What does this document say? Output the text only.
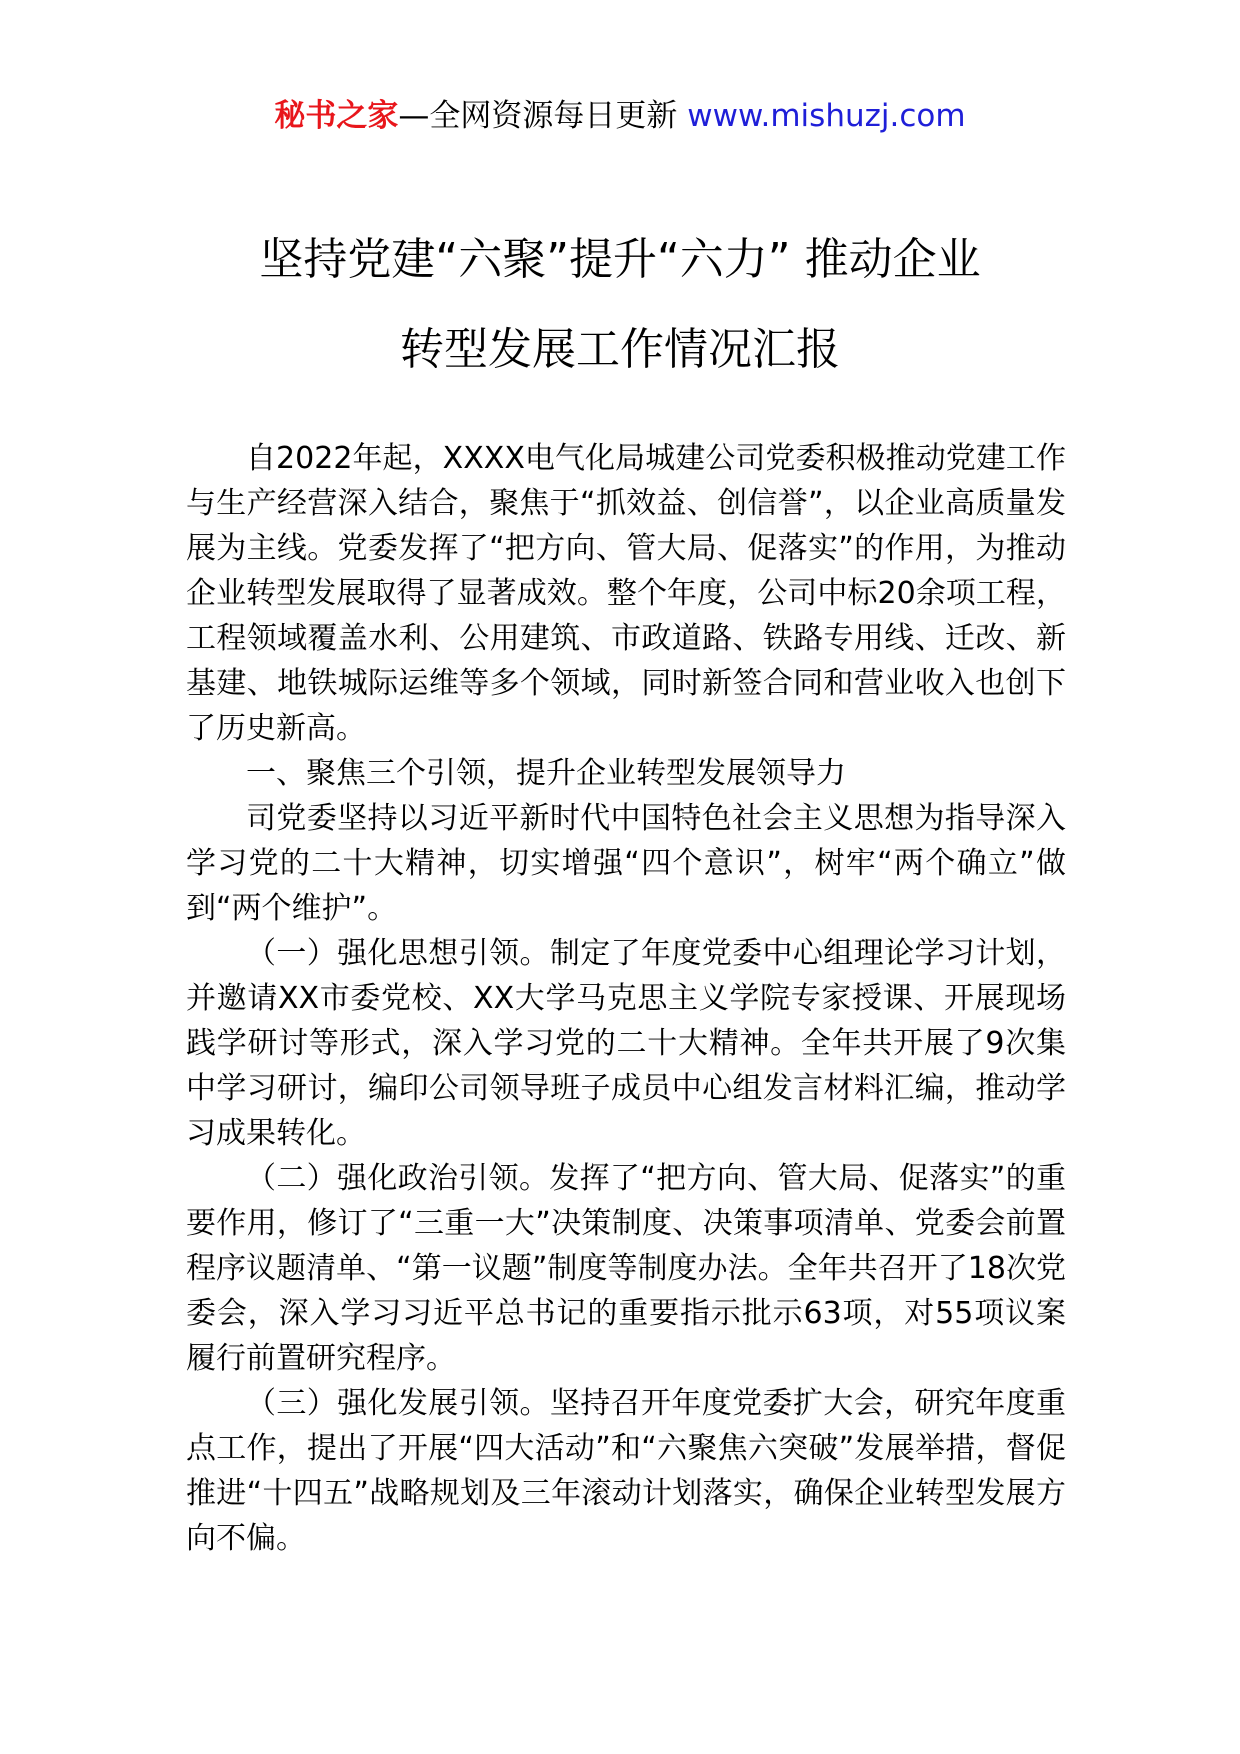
秘书之家—全网资源每日更新 www.mishuzj.com
坚持党建“六聚”提升“六力” 推动企业
转型发展工作情况汇报

自2022年起，XXXX电气化局城建公司党委积极推动党建工作与生产经营深入结合，聚焦于“抓效益、创信誉”，以企业高质量发展为主线。党委发挥了“把方向、管大局、促落实”的作用，为推动企业转型发展取得了显著成效。整个年度，公司中标20余项工程，工程领域覆盖水利、公用建筑、市政道路、铁路专用线、迁改、新基建、地铁城际运维等多个领域，同时新签合同和营业收入也创下了历史新高。

一、聚焦三个引领，提升企业转型发展领导力

司党委坚持以习近平新时代中国特色社会主义思想为指导深入学习党的二十大精神，切实增强“四个意识”，树牢“两个确立”做到“两个维护”。

（一）强化思想引领。制定了年度党委中心组理论学习计划，并邀请XX市委党校、XX大学马克思主义学院专家授课、开展现场践学研讨等形式，深入学习党的二十大精神。全年共开展了9次集中学习研讨，编印公司领导班子成员中心组发言材料汇编，推动学习成果转化。

（二）强化政治引领。发挥了“把方向、管大局、促落实”的重要作用，修订了“三重一大”决策制度、决策事项清单、党委会前置程序议题清单、“第一议题”制度等制度办法。全年共召开了18次党委会，深入学习习近平总书记的重要指示批示63项，对55项议案履行前置研究程序。

（三）强化发展引领。坚持召开年度党委扩大会，研究年度重点工作，提出了开展“四大活动”和“六聚焦六突破”发展举措，督促推进“十四五”战略规划及三年滚动计划落实，确保企业转型发展方向不偏。
